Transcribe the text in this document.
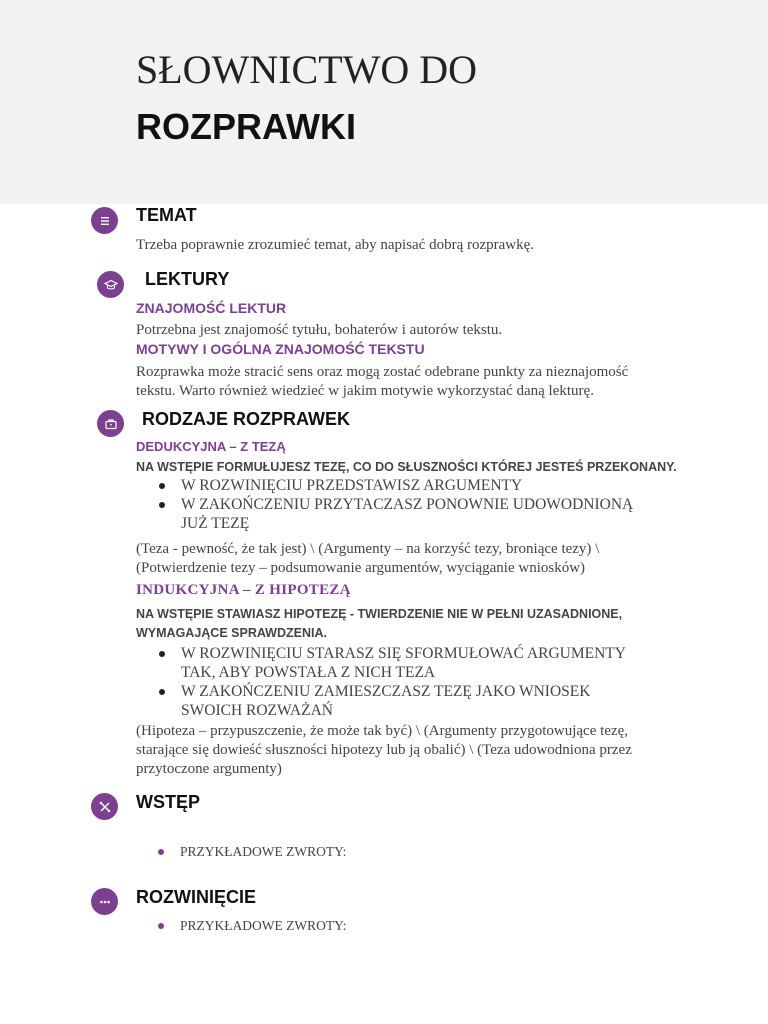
SŁOWNICTWO DO
ROZPRAWKI
TEMAT
Trzeba poprawnie zrozumieć temat, aby napisać dobrą rozprawkę.
LEKTURY
ZNAJOMOŚĆ LEKTUR
Potrzebna jest znajomość tytułu, bohaterów i autorów tekstu.
MOTYWY I OGÓLNA ZNAJOMOŚĆ TEKSTU
Rozprawka może stracić sens oraz mogą zostać odebrane punkty za nieznajomość
tekstu. Warto również wiedzieć w jakim motywie wykorzystać daną lekturę.
RODZAJE ROZPRAWEK
DEDUKCYJNA – Z TEZĄ
NA WSTĘPIE FORMUŁUJESZ TEZĘ, CO DO SŁUSZNOŚCI KTÓREJ JESTEŚ PRZEKONANY.
W ROZWINIĘCIU PRZEDSTAWISZ ARGUMENTY
W ZAKOŃCZENIU PRZYTACZASZ PONOWNIE UDOWODNIONĄ
JUŻ TEZĘ
(Teza - pewność, że tak jest) \ (Argumenty – na korzyść tezy, broniące tezy) \
(Potwierdzenie tezy – podsumowanie argumentów, wyciąganie wniosków)
INDUKCYJNA – Z HIPOTEZĄ
NA WSTĘPIE STAWIASZ HIPOTEZĘ - TWIERDZENIE NIE W PEŁNI UZASADNIONE,
WYMAGAJĄCE SPRAWDZENIA.
W ROZWINIĘCIU STARASZ SIĘ SFORMUŁOWAĆ ARGUMENTY
TAK, ABY POWSTAŁA Z NICH TEZA
W ZAKOŃCZENIU ZAMIESZCZASZ TEZĘ JAKO WNIOSEK
SWOICH ROZWAŻAŃ
(Hipoteza – przypuszczenie, że może tak być) \ (Argumenty przygotowujące tezę,
starające się dowieść słuszności hipotezy lub ją obalić) \ (Teza udowodniona przez
przytoczone argumenty)
WSTĘP
PRZYKŁADOWE ZWROTY:
ROZWINIĘCIE
PRZYKŁADOWE ZWROTY:
